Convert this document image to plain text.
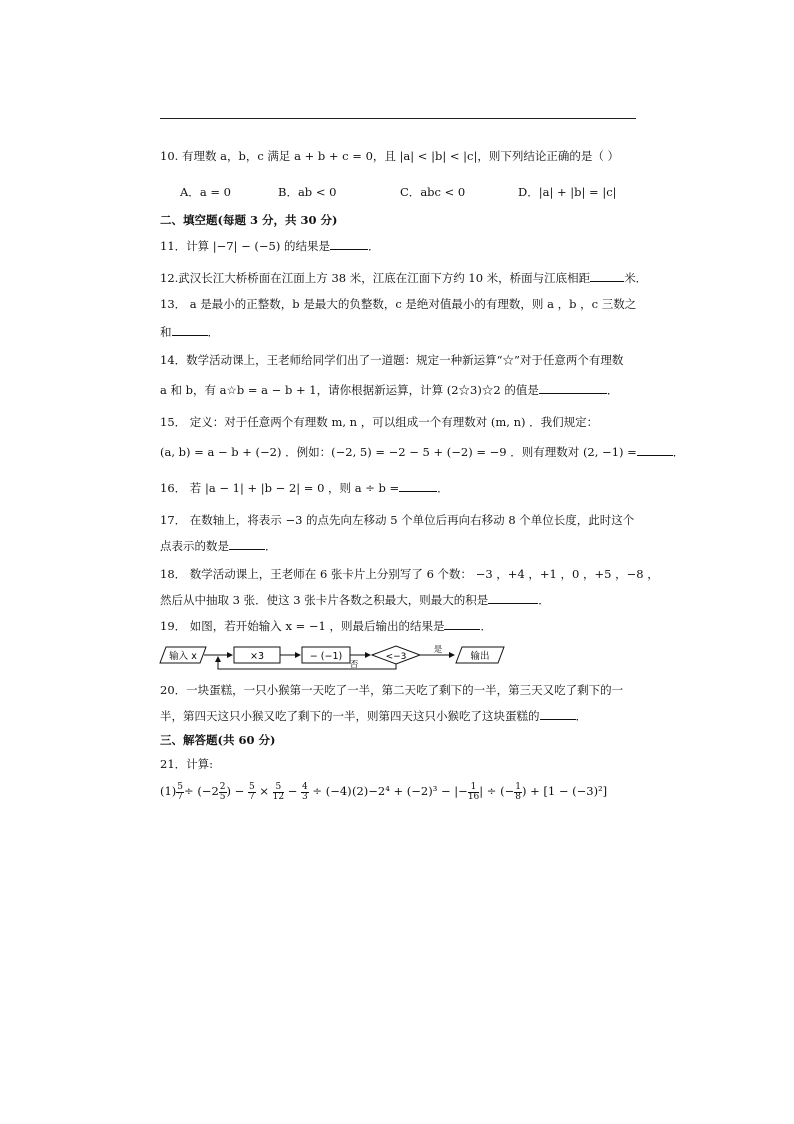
10. 有理数 a，b，c 满足 a + b + c = 0，且 |a| < |b| < |c|，则下列结论正确的是（ ）
A．a = 0	B．ab < 0	C．abc < 0	D．|a| + |b| = |c|
二、填空题(每题 3 分，共 30 分)
11．计算 |−7| − (−5) 的结果是	．
12.武汉长江大桥桥面在江面上方 38 米，江底在江面下方约 10 米，桥面与江底相距	米．
13． a 是最小的正整数，b 是最大的负整数，c 是绝对值最小的有理数，则 a ，b ，c 三数之
和	．
14．数学活动课上，王老师给同学们出了一道题：规定一种新运算“☆”对于任意两个有理数
a 和 b，有 a☆b = a − b + 1，请你根据新运算，计算 (2☆3)☆2 的值是	．
15． 定义：对于任意两个有理数 m, n ，可以组成一个有理数对 (m, n) ．我们规定：
(a, b) = a − b + (−2) ．例如：(−2, 5) = −2 − 5 + (−2) = −9 ．则有理数对 (2, −1) =	．
16． 若 |a − 1| + |b − 2| = 0 ，则 a ÷ b =	．
17． 在数轴上，将表示 −3 的点先向左移动 5 个单位后再向右移动 8 个单位长度，此时这个
点表示的数是	．
18． 数学活动课上，王老师在 6 张卡片上分别写了 6 个数： −3 ，+4 ，+1 ，0 ，+5 ，−8 ，
然后从中抽取 3 张．使这 3 张卡片各数之积最大，则最大的积是	．
19． 如图，若开始输入 x = −1 ，则最后输出的结果是	．
输入 x	×3	− (−1)	<−3
是
输出
否
20．一块蛋糕，一只小猴第一天吃了一半，第二天吃了剩下的一半，第三天又吃了剩下的一
半，第四天这只小猴又吃了剩下的一半，则第四天这只小猴吃了这块蛋糕的	．
三、解答题(共 60 分)
21．计算:
$(1) \frac{5}{7} \div (-2 \frac{2}{5}$ ) − $\frac{5}{7} \times \frac{5}{12} - \frac{4}{3} \div (-4) (2)-2^4 + (-2)^3$ − |− $\frac{1}{16}$ | ÷ (− $\frac{1}{8}$ ) + [1 − (−3)²]
